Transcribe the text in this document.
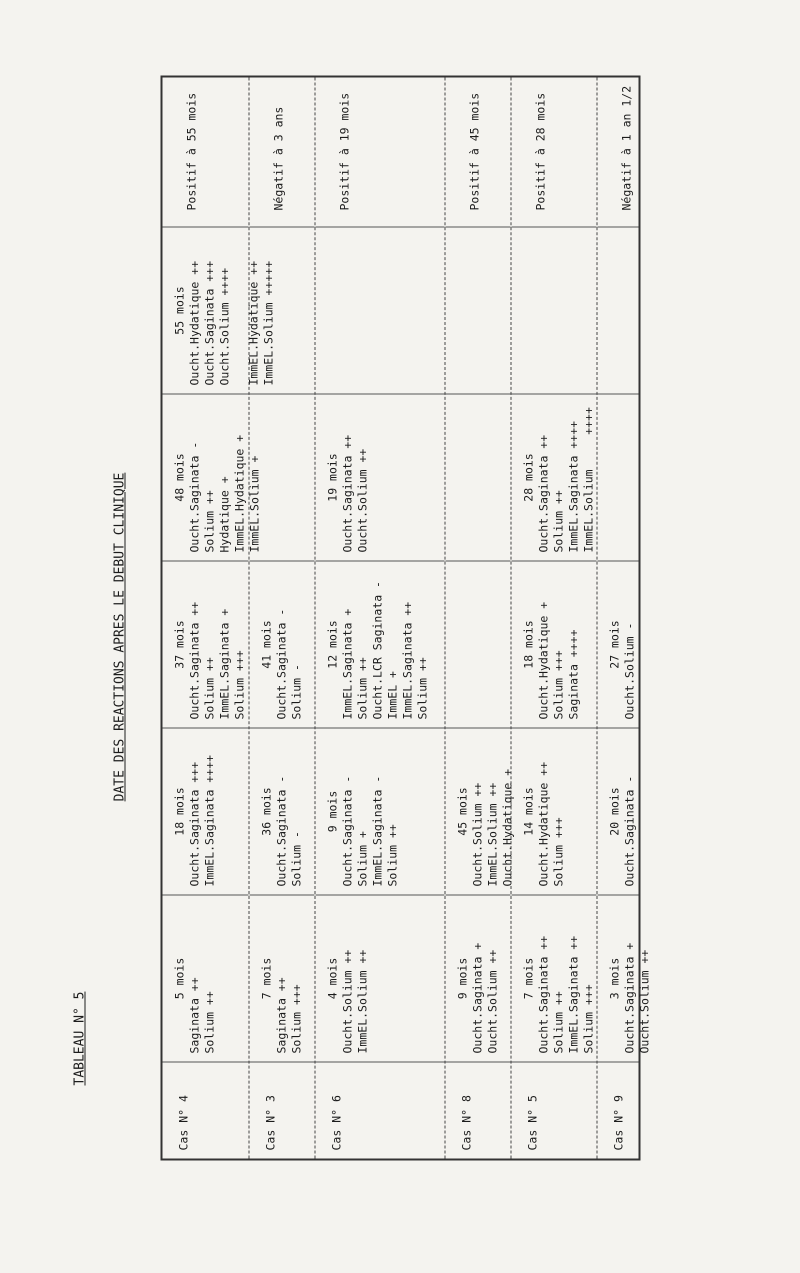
TABLEAU N° 5
DATE DES REACTIONS APRES LE DEBUT CLINIQUE
Cas N° 4
5 mois Saginata ++ Solium ++
18 mois Oucht.Saginata +++ ImmEL.Saginata ++++
37 mois Oucht.Saginata ++ Solium ++ ImmEL.Saginata + Solium +++
48 mois Oucht.Saginata - Solium ++ Hydatique + ImmEL.Hydatique + ImmEL.Solium +
55 mois Oucht.Hydatique ++ Oucht.Saginata +++ Oucht.Solium ++++ ImmEL.Hydatique ++ ImmEL.Solium +++++
Positif à 55 mois
Cas N° 3
7 mois Saginata ++ Solium +++
36 mois Oucht.Saginata - Solium -
41 mois Oucht.Saginata - Solium -
Négatif à 3 ans
Cas N° 6
4 mois Oucht.Solium ++ ImmEL.Solium ++
9 mois Oucht.Saginata - Solium + ImmEL.Saginata - Solium ++
12 mois ImmEL.Saginata + Solium ++ Oucht.LCR Saginata - ImmEL + ImmEL.Saginata ++ Solium ++
19 mois Oucht.Saginata ++ Oucht.Solium ++
Positif à 19 mois
Cas N° 8
9 mois Oucht.Saginata + Oucht.Solium ++
45 mois Oucht.Solium ++ ImmEL.Solium ++ Oucht.Hydatique +
Positif à 45 mois
Cas N° 5
7 mois Oucht.Saginata ++ Solium ++ ImmEL.Saginata ++ Solium +++
14 mois Oucht.Hydatique ++ Solium +++
18 mois Oucht.Hydatique + Solium +++ Saginata ++++
28 mois Oucht.Saginata ++ Solium ++ ImmEL.Saginata ++++ ImmEL.Solium     ++++
Positif à 28 mois
Cas N° 9
3 mois Oucht.Saginata + Oucht.Solium ++
20 mois Oucht.Saginata -
27 mois Oucht.Solium -
Négatif à 1 an 1/2
